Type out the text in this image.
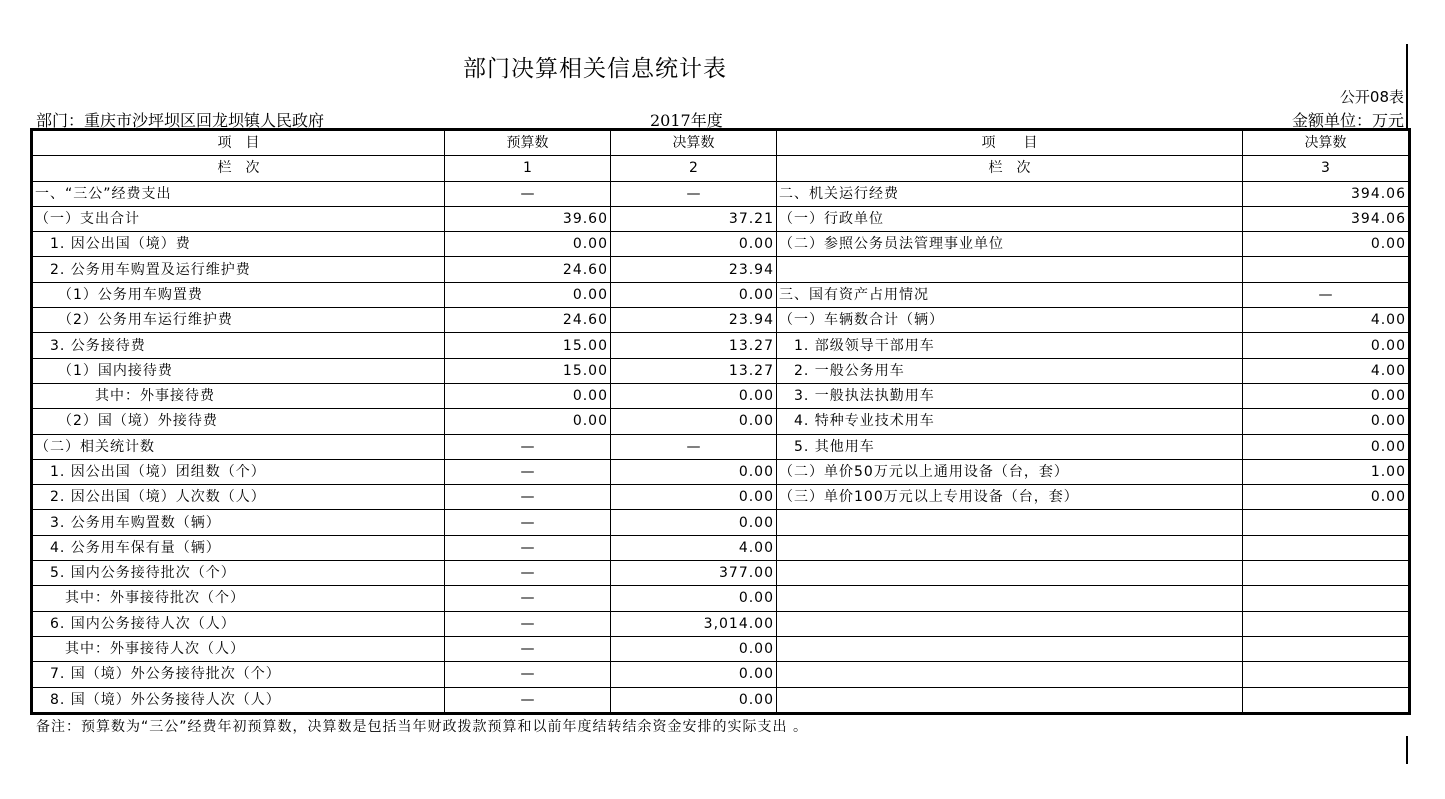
部门决算相关信息统计表
公开08表
部门：重庆市沙坪坝区回龙坝镇人民政府	2017年度	金额单位：万元
项　目	预算数	决算数	项　　目	决算数
栏　次	1	2	栏　次	3
一、“三公”经费支出	—	—	二、机关运行经费	394.06
（一）支出合计	39.60	37.21	（一）行政单位	394.06
　1. 因公出国（境）费	0.00	0.00	（二）参照公务员法管理事业单位	0.00
　2. 公务用车购置及运行维护费	24.60	23.94		
　　（1）公务用车购置费	0.00	0.00	三、国有资产占用情况	—
　　（2）公务用车运行维护费	24.60	23.94	（一）车辆数合计（辆）	4.00
　3. 公务接待费	15.00	13.27	　1. 部级领导干部用车	0.00
　　（1）国内接待费	15.00	13.27	　2. 一般公务用车	4.00
　　　　其中：外事接待费	0.00	0.00	　3. 一般执法执勤用车	0.00
　　（2）国（境）外接待费	0.00	0.00	　4. 特种专业技术用车	0.00
（二）相关统计数	—	—	　5. 其他用车	0.00
　1. 因公出国（境）团组数（个）	—	0.00	（二）单价50万元以上通用设备（台，套）	1.00
　2. 因公出国（境）人次数（人）	—	0.00	（三）单价100万元以上专用设备（台，套）	0.00
　3. 公务用车购置数（辆）	—	0.00		
　4. 公务用车保有量（辆）	—	4.00		
　5. 国内公务接待批次（个）	—	377.00		
　　其中：外事接待批次（个）	—	0.00		
　6. 国内公务接待人次（人）	—	3,014.00		
　　其中：外事接待人次（人）	—	0.00		
　7. 国（境）外公务接待批次（个）	—	0.00		
　8. 国（境）外公务接待人次（人）	—	0.00		
备注：预算数为“三公”经费年初预算数，决算数是包括当年财政拨款预算和以前年度结转结余资金安排的实际支出 。
